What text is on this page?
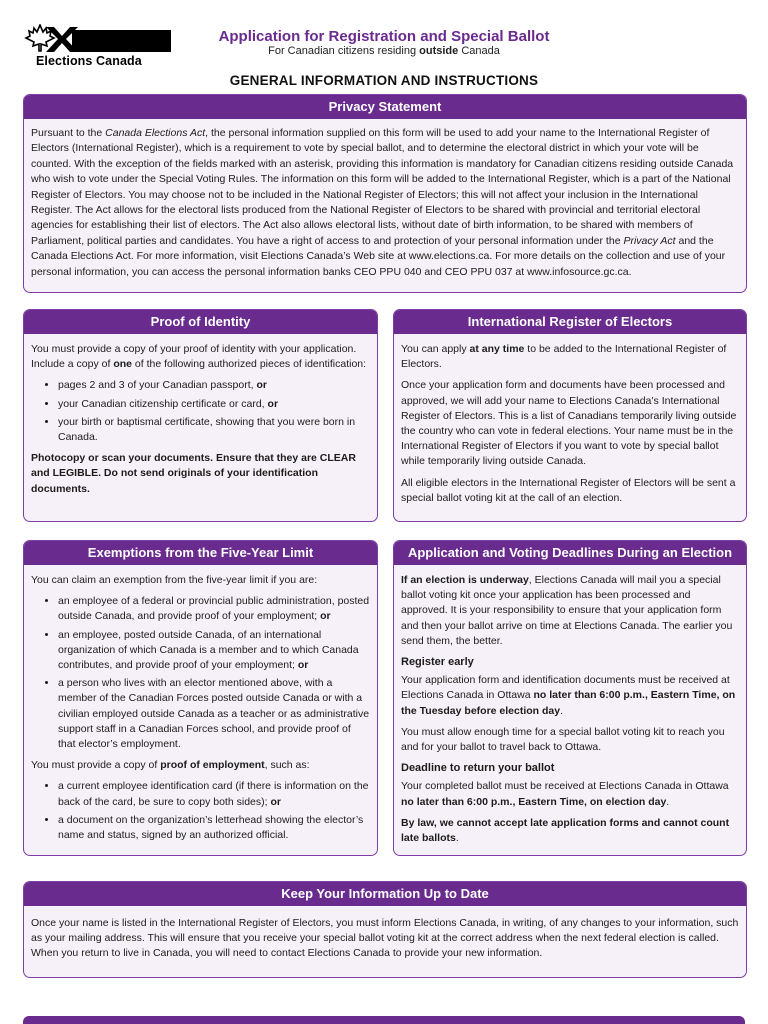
Elections Canada
Application for Registration and Special Ballot
For Canadian citizens residing outside Canada
GENERAL INFORMATION AND INSTRUCTIONS
Privacy Statement

Pursuant to the Canada Elections Act, the personal information supplied on this form will be used to add your name to the International Register of Electors (International Register), which is a requirement to vote by special ballot, and to determine the electoral district in which your vote will be counted. With the exception of the fields marked with an asterisk, providing this information is mandatory for Canadian citizens residing outside Canada who wish to vote under the Special Voting Rules. The information on this form will be added to the International Register, which is a part of the National Register of Electors. You may choose not to be included in the National Register of Electors; this will not affect your inclusion in the International Register. The Act allows for the electoral lists produced from the National Register of Electors to be shared with provincial and territorial electoral agencies for establishing their list of electors. The Act also allows electoral lists, without date of birth information, to be shared with members of Parliament, political parties and candidates. You have a right of access to and protection of your personal information under the Privacy Act and the Canada Elections Act. For more information, visit Elections Canada’s Web site at www.elections.ca. For more details on the collection and use of your personal information, you can access the personal information banks CEO PPU 040 and CEO PPU 037 at www.infosource.gc.ca.

Proof of Identity

You must provide a copy of your proof of identity with your application. Include a copy of one of the following authorized pieces of identification:

• pages 2 and 3 of your Canadian passport, or
• your Canadian citizenship certificate or card, or
• your birth or baptismal certificate, showing that you were born in Canada.

Photocopy or scan your documents. Ensure that they are CLEAR and LEGIBLE. Do not send originals of your identification documents.

International Register of Electors

You can apply at any time to be added to the International Register of Electors.

Once your application form and documents have been processed and approved, we will add your name to Elections Canada’s International Register of Electors. This is a list of Canadians temporarily living outside the country who can vote in federal elections. Your name must be in the International Register of Electors if you want to vote by special ballot while temporarily living outside Canada.

All eligible electors in the International Register of Electors will be sent a special ballot voting kit at the call of an election.

Exemptions from the Five-Year Limit

You can claim an exemption from the five-year limit if you are:

• an employee of a federal or provincial public administration, posted outside Canada, and provide proof of your employment; or
• an employee, posted outside Canada, of an international organization of which Canada is a member and to which Canada contributes, and provide proof of your employment; or
• a person who lives with an elector mentioned above, with a member of the Canadian Forces posted outside Canada or with a civilian employed outside Canada as a teacher or as administrative support staff in a Canadian Forces school, and provide proof of that elector’s employment.

You must provide a copy of proof of employment, such as:

• a current employee identification card (if there is information on the back of the card, be sure to copy both sides); or
• a document on the organization’s letterhead showing the elector’s name and status, signed by an authorized official.
Application and Voting Deadlines During an Election

If an election is underway, Elections Canada will mail you a special ballot voting kit once your application has been processed and approved. It is your responsibility to ensure that your application form and then your ballot arrive on time at Elections Canada. The earlier you send them, the better.

Register early

Your application form and identification documents must be received at Elections Canada in Ottawa no later than 6:00 p.m., Eastern Time, on the Tuesday before election day.

You must allow enough time for a special ballot voting kit to reach you and for your ballot to travel back to Ottawa.

Deadline to return your ballot

Your completed ballot must be received at Elections Canada in Ottawa no later than 6:00 p.m., Eastern Time, on election day.

By law, we cannot accept late application forms and cannot count late ballots.

Keep Your Information Up to Date

Once your name is listed in the International Register of Electors, you must inform Elections Canada, in writing, of any changes to your information, such as your mailing address. This will ensure that you receive your special ballot voting kit at the correct address when the next federal election is called. When you return to live in Canada, you will need to contact Elections Canada to provide your new information.
